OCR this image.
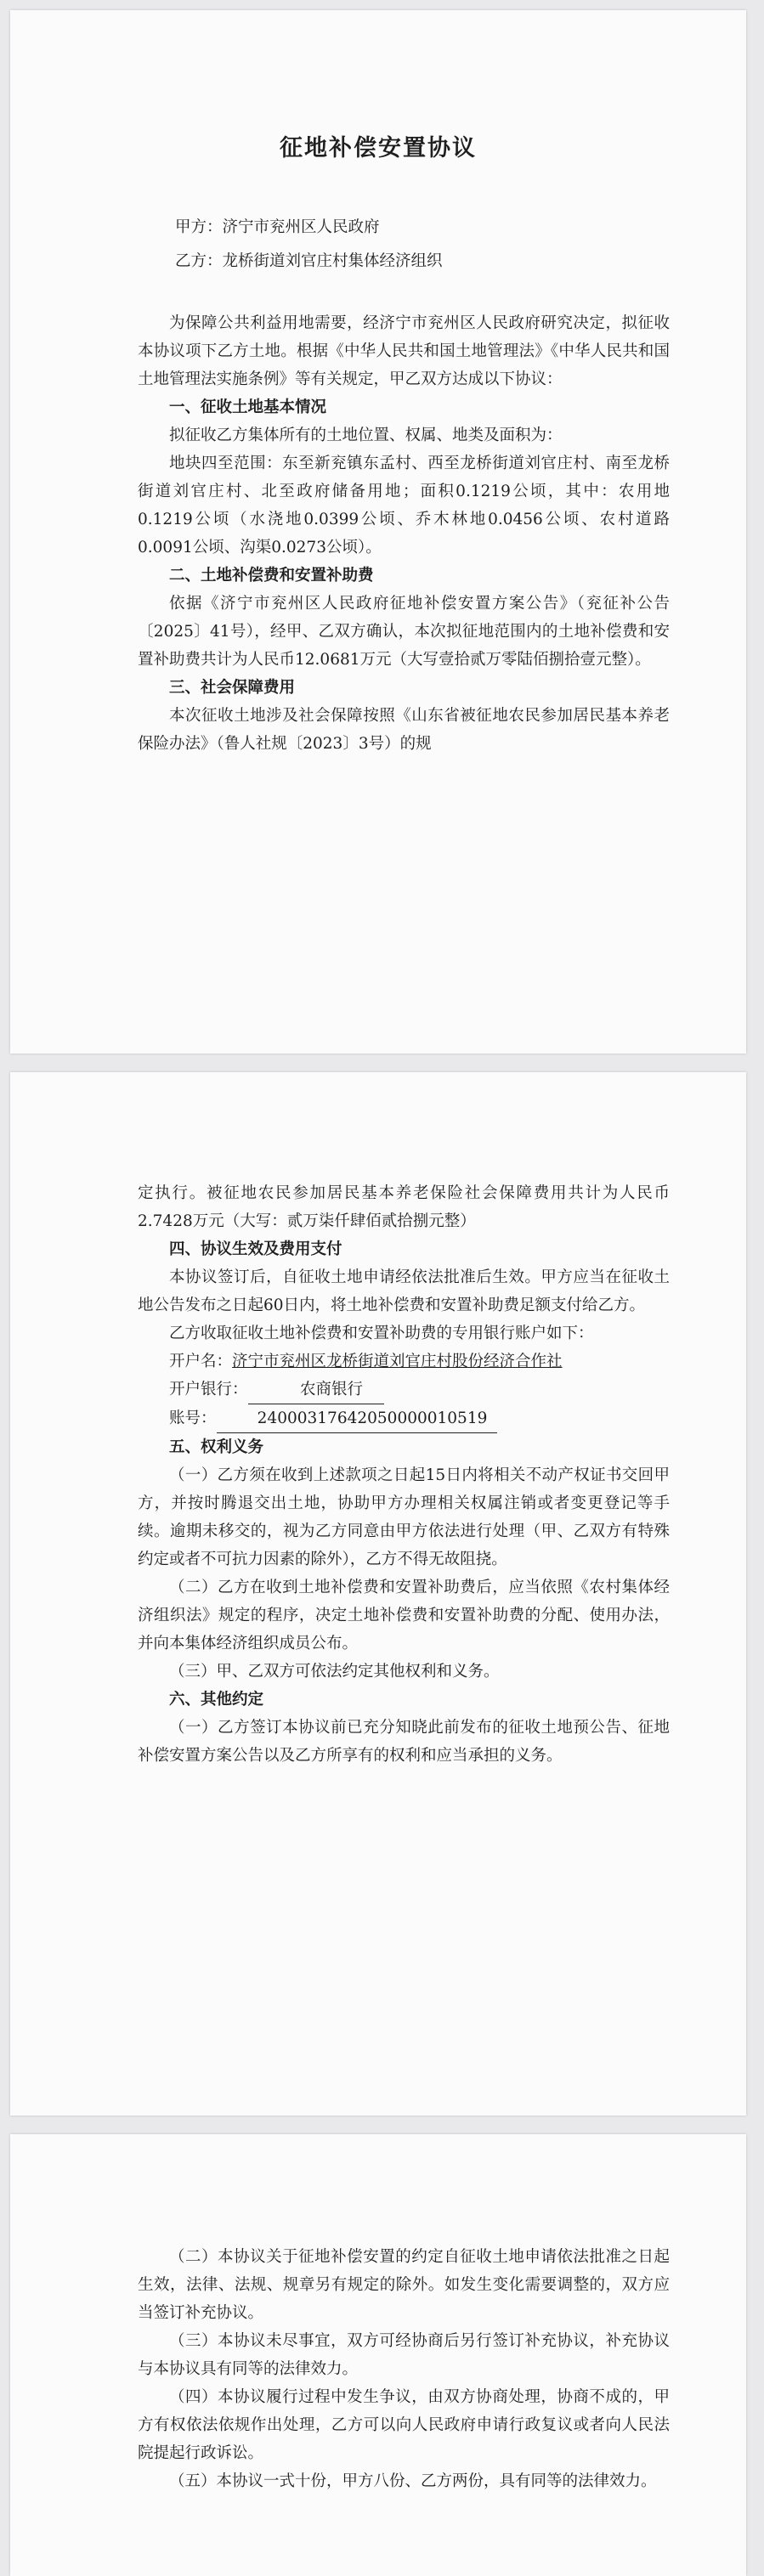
征地补偿安置协议

甲方：济宁市兖州区人民政府

乙方：龙桥街道刘官庄村集体经济组织

为保障公共利益用地需要，经济宁市兖州区人民政府研究决定，拟征收本协议项下乙方土地。根据《中华人民共和国土地管理法》《中华人民共和国土地管理法实施条例》等有关规定，甲乙双方达成以下协议：

一、征收土地基本情况

拟征收乙方集体所有的土地位置、权属、地类及面积为：

地块四至范围：东至新兖镇东孟村、西至龙桥街道刘官庄村、南至龙桥街道刘官庄村、北至政府储备用地；面积0.1219公顷，其中：农用地0.1219公顷（水浇地0.0399公顷、乔木林地0.0456公顷、农村道路0.0091公顷、沟渠0.0273公顷）。

二、土地补偿费和安置补助费

依据《济宁市兖州区人民政府征地补偿安置方案公告》（兖征补公告〔2025〕41号），经甲、乙双方确认，本次拟征地范围内的土地补偿费和安置补助费共计为人民币12.0681万元（大写壹拾贰万零陆佰捌拾壹元整）。

三、社会保障费用

本次征收土地涉及社会保障按照《山东省被征地农民参加居民基本养老保险办法》（鲁人社规〔2023〕3号）的规

定执行。被征地农民参加居民基本养老保险社会保障费用共计为人民币2.7428万元（大写：贰万柒仟肆佰贰拾捌元整）

四、协议生效及费用支付

本协议签订后，自征收土地申请经依法批准后生效。甲方应当在征收土地公告发布之日起60日内，将土地补偿费和安置补助费足额支付给乙方。

乙方收取征收土地补偿费和安置补助费的专用银行账户如下：

开户名：济宁市兖州区龙桥街道刘官庄村股份经济合作社

开户银行：	农商银行

账号：	240003176420500000105​19

五、权利义务

（一）乙方须在收到上述款项之日起15日内将相关不动产权证书交回甲方，并按时腾退交出土地，协助甲方办理相关权属注销或者变更登记等手续。逾期未移交的，视为乙方同意由甲方依法进行处理（甲、乙双方有特殊约定或者不可抗力因素的除外），乙方不得无故阻挠。

（二）乙方在收到土地补偿费和安置补助费后，应当依照《农村集体经济组织法》规定的程序，决定土地补偿费和安置补助费的分配、使用办法，并向本集体经济组织成员公布。

（三）甲、乙双方可依法约定其他权利和义务。

六、其他约定

（一）乙方签订本协议前已充分知晓此前发布的征收土地预公告、征地补偿安置方案公告以及乙方所享有的权利和应当承担的义务。

（二）本协议关于征地补偿安置的约定自征收土地申请依法批准之日起生效，法律、法规、规章另有规定的除外。如发生变化需要调整的，双方应当签订补充协议。

（三）本协议未尽事宜，双方可经协商后另行签订补充协议，补充协议与本协议具有同等的法律效力。

（四）本协议履行过程中发生争议，由双方协商处理，协商不成的，甲方有权依法依规作出处理，乙方可以向人民政府申请行政复议或者向人民法院提起行政诉讼。

（五）本协议一式十份，甲方八份、乙方两份，具有同等的法律效力。
